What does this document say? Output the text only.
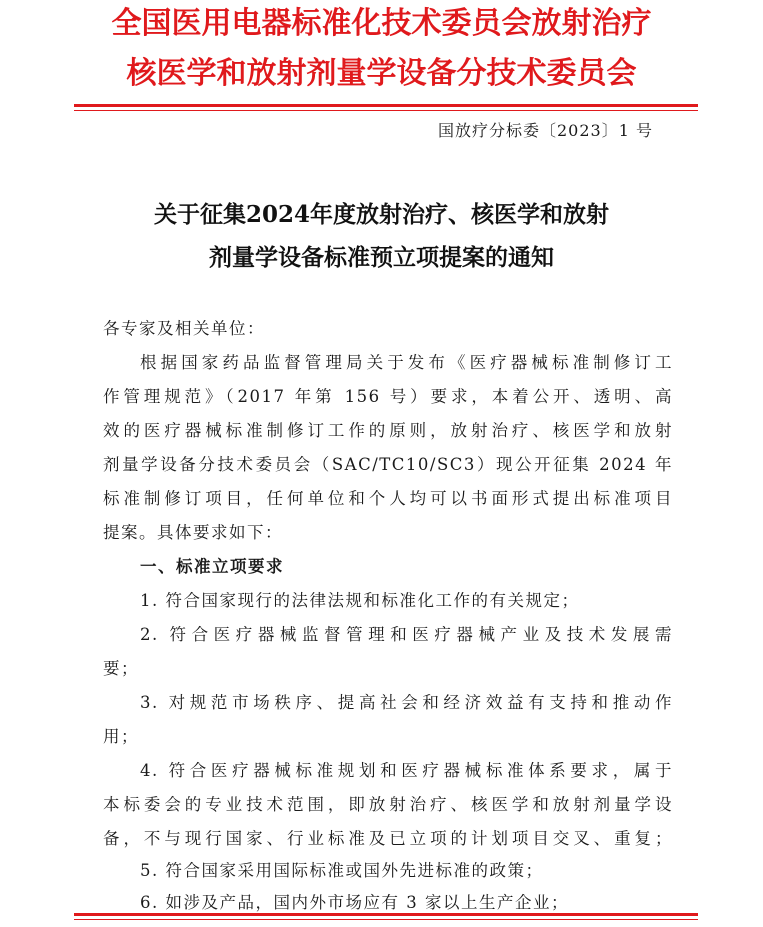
全国医用电器标准化技术委员会放射治疗
核医学和放射剂量学设备分技术委员会
国放疗分标委〔2023〕1 号
关于征集2024年度放射治疗、核医学和放射
剂量学设备标准预立项提案的通知
各专家及相关单位：
根据国家药品监督管理局关于发布《医疗器械标准制修订工
作管理规范》（2017 年第 156 号）要求，本着公开、透明、高
效的医疗器械标准制修订工作的原则，放射治疗、核医学和放射
剂量学设备分技术委员会（SAC/TC10/SC3）现公开征集 2024 年
标准制修订项目，任何单位和个人均可以书面形式提出标准项目
提案。具体要求如下：
一、标准立项要求
1. 符合国家现行的法律法规和标准化工作的有关规定；
2. 符合医疗器械监督管理和医疗器械产业及技术发展需
要；
3. 对规范市场秩序、提高社会和经济效益有支持和推动作
用；
4. 符合医疗器械标准规划和医疗器械标准体系要求，属于
本标委会的专业技术范围，即放射治疗、核医学和放射剂量学设
备，不与现行国家、行业标准及已立项的计划项目交叉、重复；
5. 符合国家采用国际标准或国外先进标准的政策；
6. 如涉及产品，国内外市场应有 3 家以上生产企业；
